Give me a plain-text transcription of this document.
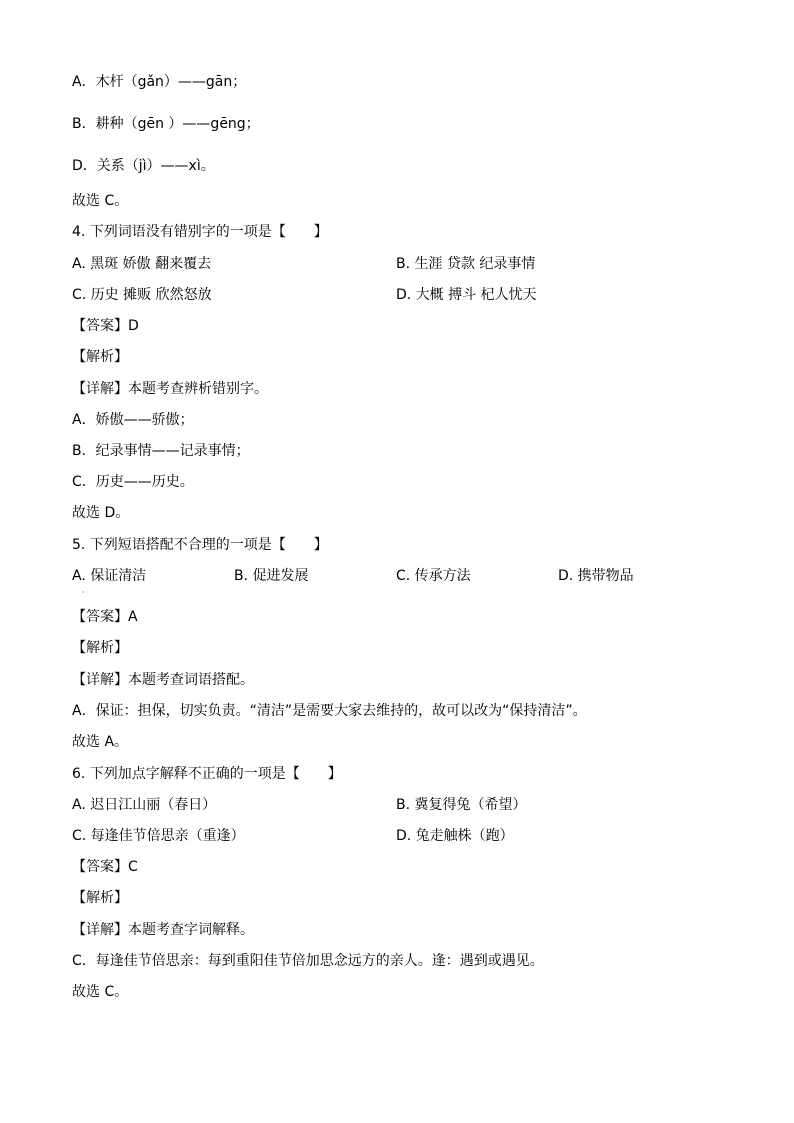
A．木杆（gǎn）——gān；

B．耕种（gēn ）——gēng；

D．关系（jì）——xì。

故选 C。

4. 下列词语没有错别字的一项是【　　】

A. 黑斑 娇傲 翻来覆去	B. 生涯 贷款 纪录事情

C. 历史 摊贩 欣然怒放	D. 大概 搏斗 杞人忧天

【答案】D

【解析】

【详解】本题考查辨析错别字。

A．娇傲——骄傲；

B．纪录事情——记录事情；

C．历吏——历史。

故选 D。

5. 下列短语搭配不合理的一项是【　　】

A. 保证清洁	B. 促进发展	C. 传承方法	D. 携带物品

·

【答案】A

【解析】

【详解】本题考查词语搭配。

A．保证：担保，切实负责。“清洁”是需要大家去维持的，故可以改为“保持清洁”。

故选 A。

6. 下列加点字解释不正确的一项是【　　】

A. 迟日江山丽（春日）	B. 冀复得兔（希望）

C. 每逢佳节倍思亲（重逢）	D. 兔走触株（跑）

【答案】C

【解析】

【详解】本题考查字词解释。

C．每逢佳节倍思亲：每到重阳佳节倍加思念远方的亲人。逢：遇到或遇见。

故选 C。
